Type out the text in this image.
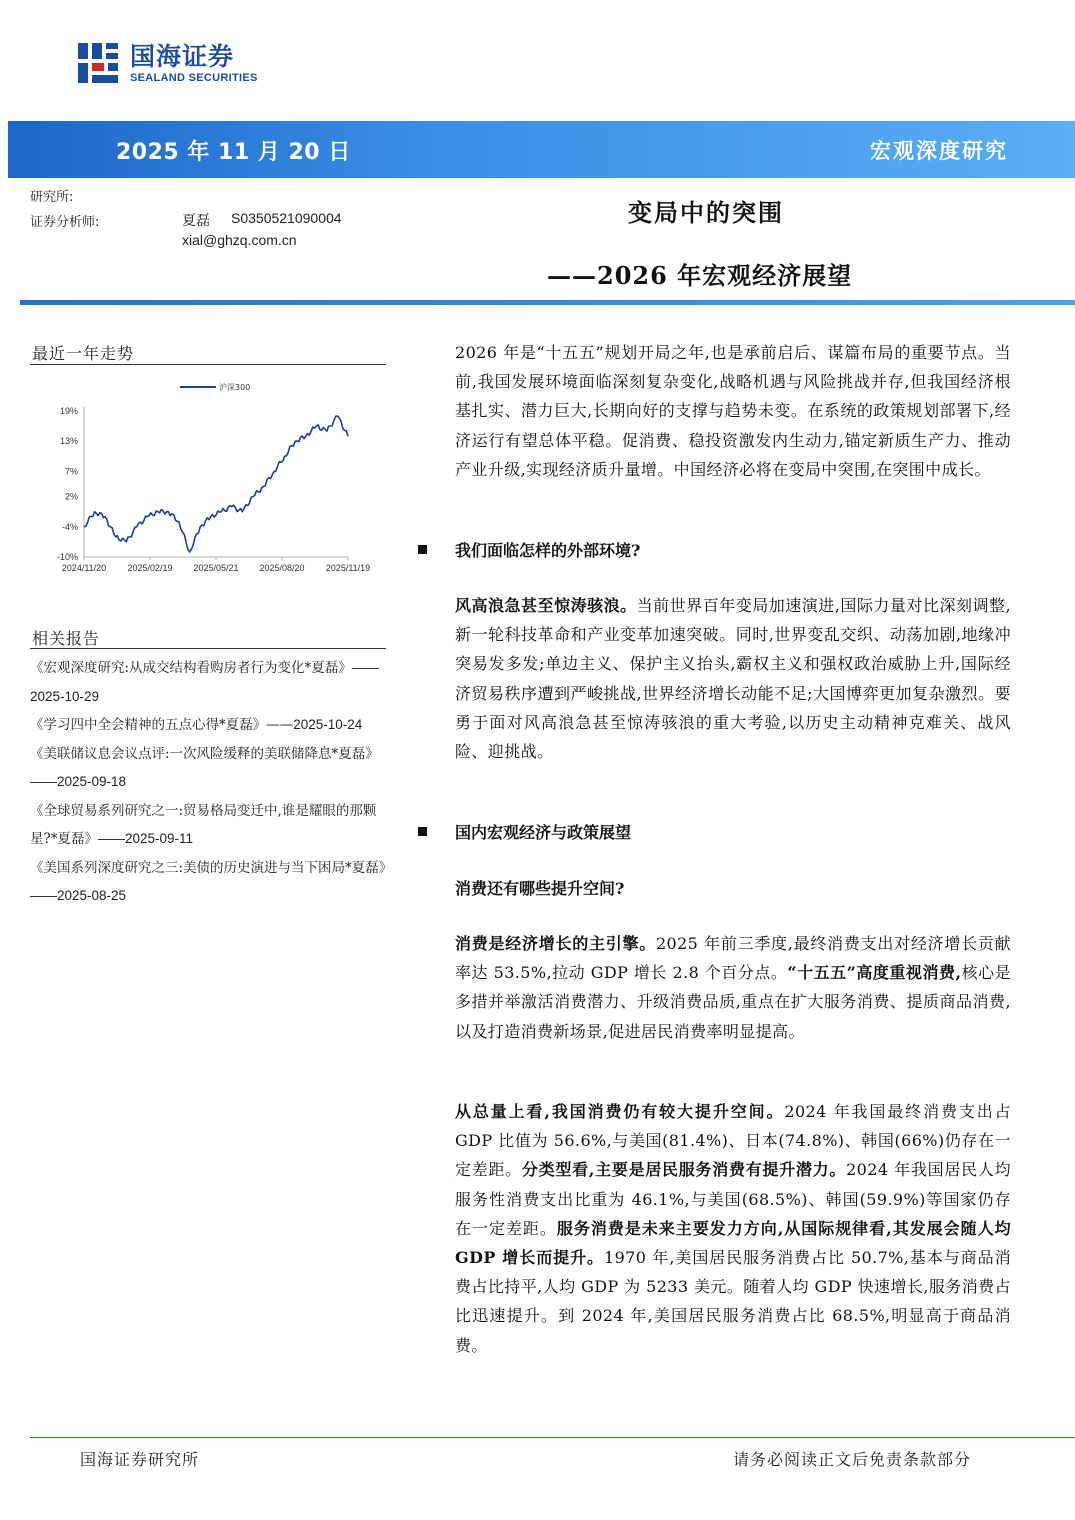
国海证券
SEALAND SECURITIES
2025 年 11 月 20 日	宏观深度研究
研究所:
证券分析师:	夏磊 S0350521090004
xial@ghzq.com.cn
变局中的突围
——2026 年宏观经济展望
最近一年走势
19%
13%
7%
2%
-4%
-10%
2024/11/20 2025/02/19 2025/05/21 2025/08/20 2025/11/19
沪深300
相关报告
《宏观深度研究:从成交结构看购房者行为变化*夏磊》——2025-10-29
《学习四中全会精神的五点心得*夏磊》——2025-10-24
《美联储议息会议点评:一次风险缓释的美联储降息*夏磊》——2025-09-18
《全球贸易系列研究之一:贸易格局变迁中,谁是耀眼的那颗星?*夏磊》——2025-09-11
《美国系列深度研究之三:美债的历史演进与当下困局*夏磊》——2025-08-25
2026 年是“十五五”规划开局之年,也是承前启后、谋篇布局的重要节点。当前,我国发展环境面临深刻复杂变化,战略机遇与风险挑战并存,但我国经济根基扎实、潜力巨大,长期向好的支撑与趋势未变。在系统的政策规划部署下,经济运行有望总体平稳。促消费、稳投资激发内生动力,锚定新质生产力、推动产业升级,实现经济质升量增。中国经济必将在变局中突围,在突围中成长。
我们面临怎样的外部环境?
风高浪急甚至惊涛骇浪。当前世界百年变局加速演进,国际力量对比深刻调整,新一轮科技革命和产业变革加速突破。同时,世界变乱交织、动荡加剧,地缘冲突易发多发;单边主义、保护主义抬头,霸权主义和强权政治威胁上升,国际经济贸易秩序遭到严峻挑战,世界经济增长动能不足;大国博弈更加复杂激烈。要勇于面对风高浪急甚至惊涛骇浪的重大考验,以历史主动精神克难关、战风险、迎挑战。
国内宏观经济与政策展望
消费还有哪些提升空间?
消费是经济增长的主引擎。2025 年前三季度,最终消费支出对经济增长贡献率达 53.5%,拉动 GDP 增长 2.8 个百分点。“十五五”高度重视消费,核心是多措并举激活消费潜力、升级消费品质,重点在扩大服务消费、提质商品消费,以及打造消费新场景,促进居民消费率明显提高。
从总量上看,我国消费仍有较大提升空间。2024 年我国最终消费支出占 GDP 比值为 56.6%,与美国(81.4%)、日本(74.8%)、韩国(66%)仍存在一定差距。分类型看,主要是居民服务消费有提升潜力。2024 年我国居民人均服务性消费支出比重为 46.1%,与美国(68.5%)、韩国(59.9%)等国家仍存在一定差距。服务消费是未来主要发力方向,从国际规律看,其发展会随人均 GDP 增长而提升。1970 年,美国居民服务消费占比 50.7%,基本与商品消费占比持平,人均 GDP 为 5233 美元。随着人均 GDP 快速增长,服务消费占比迅速提升。到 2024 年,美国居民服务消费占比 68.5%,明显高于商品消费。
国海证券研究所	请务必阅读正文后免责条款部分
